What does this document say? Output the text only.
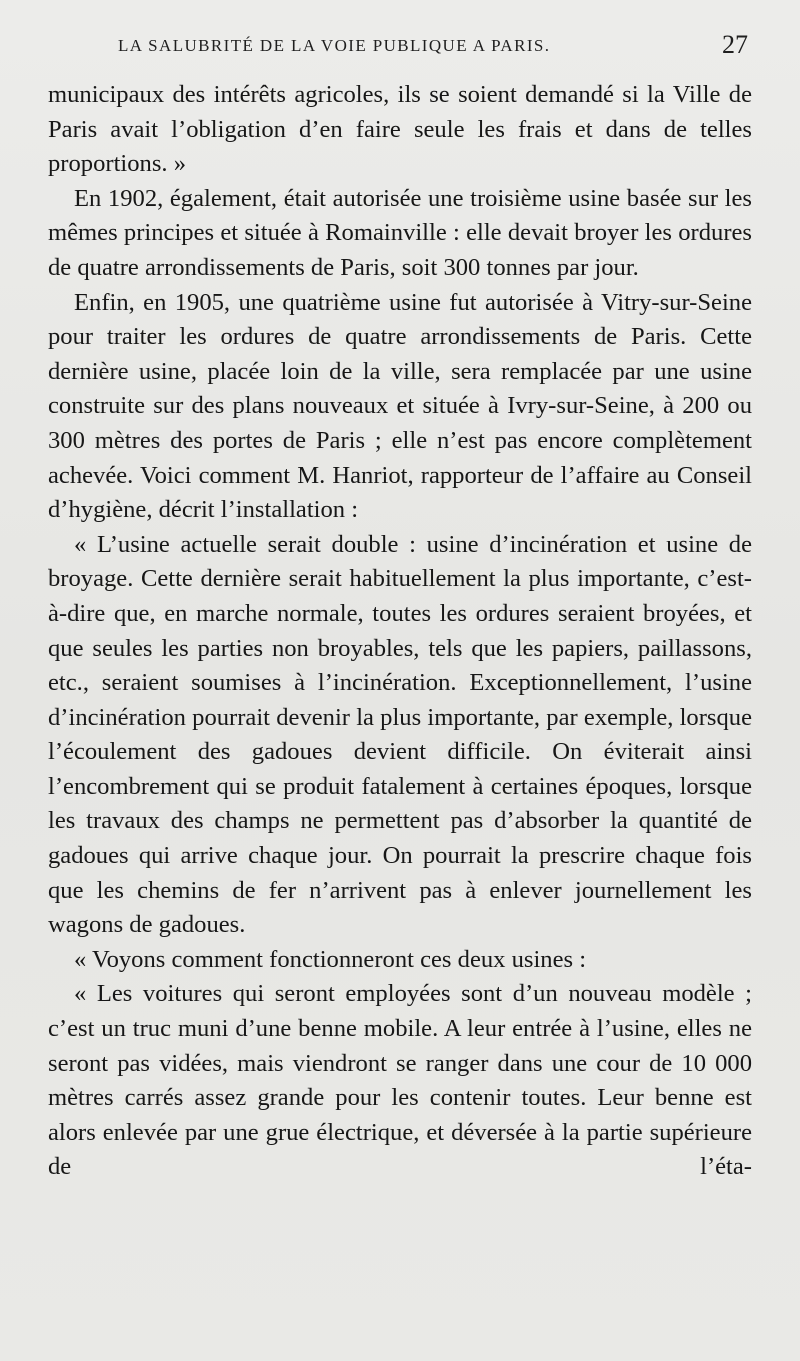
LA SALUBRITÉ DE LA VOIE PUBLIQUE A PARIS.	27

municipaux des intérêts agricoles, ils se soient demandé si la Ville de Paris avait l’obligation d’en faire seule les frais et dans de telles proportions. »

En 1902, également, était autorisée une troisième usine basée sur les mêmes principes et située à Romainville : elle devait broyer les ordures de quatre arrondissements de Paris, soit 300 tonnes par jour.

Enfin, en 1905, une quatrième usine fut autorisée à Vitry-sur-Seine pour traiter les ordures de quatre arrondissements de Paris. Cette dernière usine, placée loin de la ville, sera remplacée par une usine construite sur des plans nouveaux et située à Ivry-sur-Seine, à 200 ou 300 mètres des portes de Paris ; elle n’est pas encore complètement achevée. Voici comment M. Hanriot, rapporteur de l’affaire au Conseil d’hygiène, décrit l’installation :

« L’usine actuelle serait double : usine d’incinération et usine de broyage. Cette dernière serait habituellement la plus importante, c’est-à-dire que, en marche normale, toutes les ordures seraient broyées, et que seules les parties non broyables, tels que les papiers, paillassons, etc., seraient soumises à l’incinération. Exceptionnellement, l’usine d’incinération pourrait devenir la plus importante, par exemple, lorsque l’écoulement des gadoues devient difficile. On éviterait ainsi l’encombrement qui se produit fatalement à certaines époques, lorsque les travaux des champs ne permettent pas d’absorber la quantité de gadoues qui arrive chaque jour. On pourrait la prescrire chaque fois que les chemins de fer n’arrivent pas à enlever journellement les wagons de gadoues.

« Voyons comment fonctionneront ces deux usines :

« Les voitures qui seront employées sont d’un nouveau modèle ; c’est un truc muni d’une benne mobile. A leur entrée à l’usine, elles ne seront pas vidées, mais viendront se ranger dans une cour de 10 000 mètres carrés assez grande pour les contenir toutes. Leur benne est alors enlevée par une grue électrique, et déversée à la partie supérieure de l’éta-
